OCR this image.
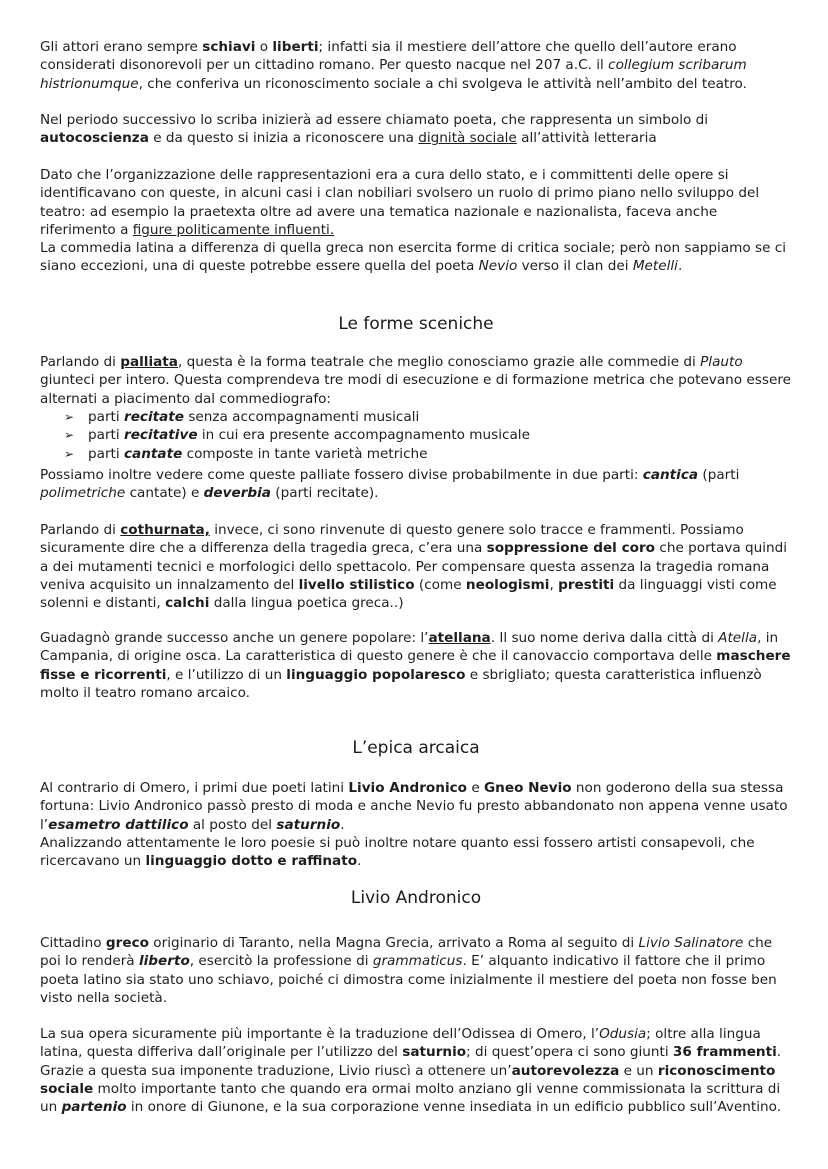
Gli attori erano sempre schiavi o liberti; infatti sia il mestiere dell’attore che quello dell’autore erano considerati disonorevoli per un cittadino romano. Per questo nacque nel 207 a.C. il collegium scribarum histrionumque, che conferiva un riconoscimento sociale a chi svolgeva le attività nell’ambito del teatro.

Nel periodo successivo lo scriba inizierà ad essere chiamato poeta, che rappresenta un simbolo di autocoscienza e da questo si inizia a riconoscere una dignità sociale all’attività letteraria

Dato che l’organizzazione delle rappresentazioni era a cura dello stato, e i committenti delle opere si identificavano con queste, in alcuni casi i clan nobiliari svolsero un ruolo di primo piano nello sviluppo del teatro: ad esempio la praetexta oltre ad avere una tematica nazionale e nazionalista, faceva anche riferimento a figure politicamente influenti.

La commedia latina a differenza di quella greca non esercita forme di critica sociale; però non sappiamo se ci siano eccezioni, una di queste potrebbe essere quella del poeta Nevio verso il clan dei Metelli.

Le forme sceniche

Parlando di palliata, questa è la forma teatrale che meglio conosciamo grazie alle commedie di Plauto giunteci per intero. Questa comprendeva tre modi di esecuzione e di formazione metrica che potevano essere alternati a piacimento dal commediografo:

➢ parti recitate senza accompagnamenti musicali
➢ parti recitative in cui era presente accompagnamento musicale
➢ parti cantate composte in tante varietà metriche

Possiamo inoltre vedere come queste palliate fossero divise probabilmente in due parti: cantica (parti polimetriche cantate) e deverbia (parti recitate).

Parlando di cothurnata, invece, ci sono rinvenute di questo genere solo tracce e frammenti. Possiamo sicuramente dire che a differenza della tragedia greca, c’era una soppressione del coro che portava quindi a dei mutamenti tecnici e morfologici dello spettacolo. Per compensare questa assenza la tragedia romana veniva acquisito un innalzamento del livello stilistico (come neologismi, prestiti da linguaggi visti come solenni e distanti, calchi dalla lingua poetica greca..)

Guadagnò grande successo anche un genere popolare: l’atellana. Il suo nome deriva dalla città di Atella, in Campania, di origine osca. La caratteristica di questo genere è che il canovaccio comportava delle maschere fisse e ricorrenti, e l’utilizzo di un linguaggio popolaresco e sbrigliato; questa caratteristica influenzò molto il teatro romano arcaico.

L’epica arcaica

Al contrario di Omero, i primi due poeti latini Livio Andronico e Gneo Nevio non goderono della sua stessa fortuna: Livio Andronico passò presto di moda e anche Nevio fu presto abbandonato non appena venne usato l’esametro dattilico al posto del saturnio.

Analizzando attentamente le loro poesie si può inoltre notare quanto essi fossero artisti consapevoli, che ricercavano un linguaggio dotto e raffinato.

Livio Andronico

Cittadino greco originario di Taranto, nella Magna Grecia, arrivato a Roma al seguito di Livio Salinatore che poi lo renderà liberto, esercitò la professione di grammaticus. E’ alquanto indicativo il fattore che il primo poeta latino sia stato uno schiavo, poiché ci dimostra come inizialmente il mestiere del poeta non fosse ben visto nella società.

La sua opera sicuramente più importante è la traduzione dell’Odissea di Omero, l’Odusia; oltre alla lingua latina, questa differiva dall’originale per l’utilizzo del saturnio; di quest’opera ci sono giunti 36 frammenti. Grazie a questa sua imponente traduzione, Livio riuscì a ottenere un’autorevolezza e un riconoscimento sociale molto importante tanto che quando era ormai molto anziano gli venne commissionata la scrittura di un partenio in onore di Giunone, e la sua corporazione venne insediata in un edificio pubblico sull’Aventino.
